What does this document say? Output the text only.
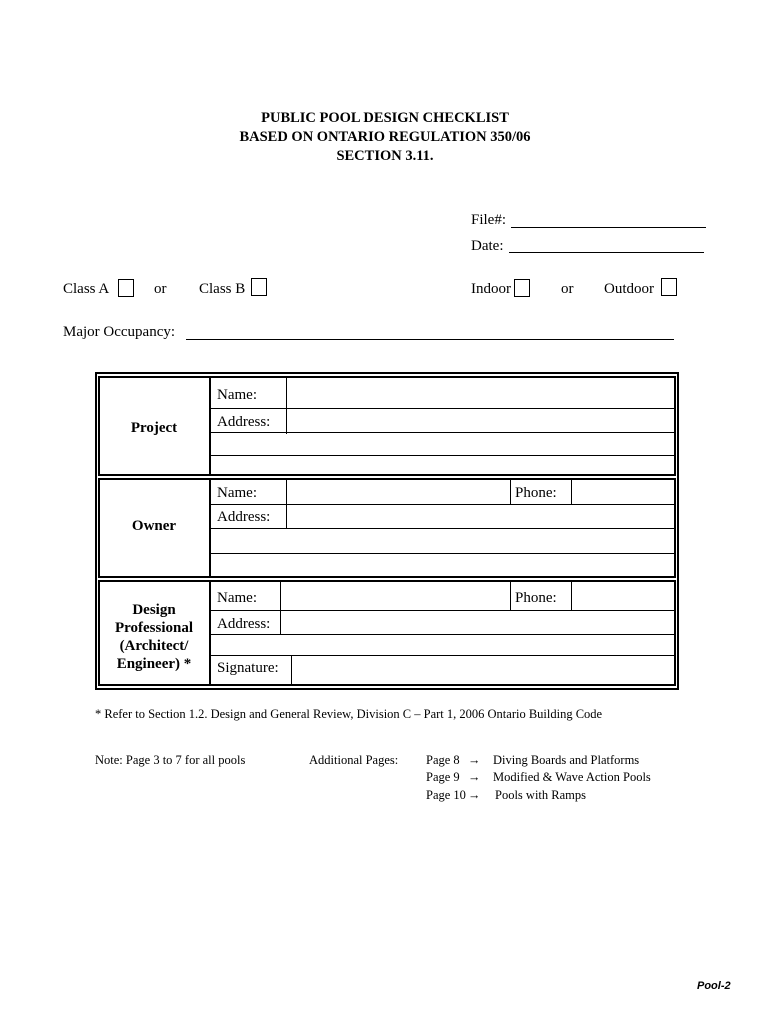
PUBLIC POOL DESIGN CHECKLIST
BASED ON ONTARIO REGULATION 350/06
SECTION 3.11.
File#:
Date:
Class A	or Class B	Indoor	or Outdoor
Major Occupancy:
Project
Name:
Address:
Owner
Name:	Phone:
Address:
Design
Professional
(Architect/
Engineer) *
Name:	Phone:
Address:
Signature:
* Refer to Section 1.2. Design and General Review, Division C – Part 1, 2006 Ontario Building Code
Note: Page 3 to 7 for all pools	Additional Pages: Page 8 → Diving Boards and Platforms
Page 9 → Modified & Wave Action Pools
Page 10 → Pools with Ramps
Pool-2
